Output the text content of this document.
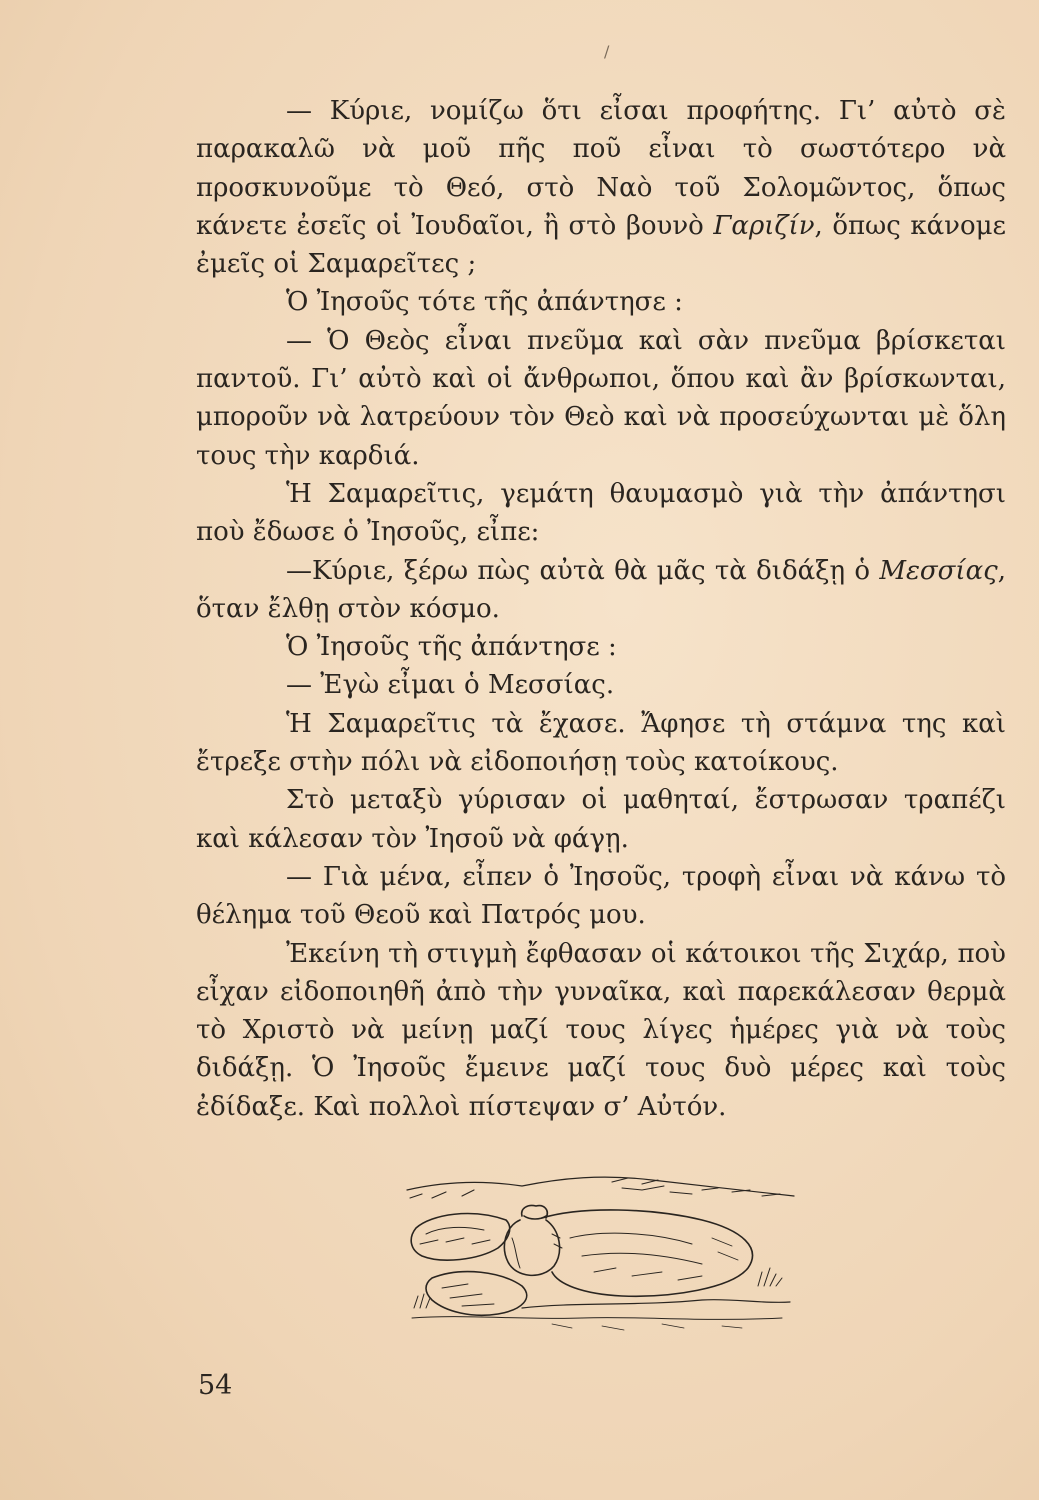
/

— Κύριε, νομίζω ὅτι εἶσαι προφήτης. Γι’ αὐτὸ σὲ παρακαλῶ νὰ μοῦ πῆς ποῦ εἶναι τὸ σωστότερο νὰ προσκυνοῦμε τὸ Θεό, στὸ Ναὸ τοῦ Σολομῶντος, ὅπως κάνετε ἐσεῖς οἱ Ἰουδαῖοι, ἢ στὸ βουνὸ Γαριζίν, ὅπως κάνομε ἐμεῖς οἱ Σαμαρεῖτες ;

Ὁ Ἰησοῦς τότε τῆς ἀπάντησε :

— Ὁ Θεὸς εἶναι πνεῦμα καὶ σὰν πνεῦμα βρίσκεται παντοῦ. Γι’ αὐτὸ καὶ οἱ ἄνθρωποι, ὅπου καὶ ἂν βρίσκωνται, μποροῦν νὰ λατρεύουν τὸν Θεὸ καὶ νὰ προσεύχωνται μὲ ὅλη τους τὴν καρδιά.

Ἡ Σαμαρεῖτις, γεμάτη θαυμασμὸ γιὰ τὴν ἀπάντησι ποὺ ἔδωσε ὁ Ἰησοῦς, εἶπε:

—Κύριε, ξέρω πὼς αὐτὰ θὰ μᾶς τὰ διδάξῃ ὁ Μεσσίας, ὅταν ἔλθῃ στὸν κόσμο.

Ὁ Ἰησοῦς τῆς ἀπάντησε :

— Ἐγὼ εἶμαι ὁ Μεσσίας.

Ἡ Σαμαρεῖτις τὰ ἔχασε. Ἄφησε τὴ στάμνα της καὶ ἔτρεξε στὴν πόλι νὰ εἰδοποιήσῃ τοὺς κατοίκους.

Στὸ μεταξὺ γύρισαν οἱ μαθηταί, ἔστρωσαν τραπέζι καὶ κάλεσαν τὸν Ἰησοῦ νὰ φάγῃ.

— Γιὰ μένα, εἶπεν ὁ Ἰησοῦς, τροφὴ εἶναι νὰ κάνω τὸ θέλημα τοῦ Θεοῦ καὶ Πατρός μου.

Ἐκείνη τὴ στιγμὴ ἔφθασαν οἱ κάτοικοι τῆς Σιχάρ, ποὺ εἶχαν εἰδοποιηθῆ ἀπὸ τὴν γυναῖκα, καὶ παρεκάλεσαν θερμὰ τὸ Χριστὸ νὰ μείνῃ μαζί τους λίγες ἡμέρες γιὰ νὰ τοὺς διδάξῃ. Ὁ Ἰησοῦς ἔμεινε μαζί τους δυὸ μέρες καὶ τοὺς ἐδίδαξε. Καὶ πολλοὶ πίστεψαν σ’ Αὐτόν.

54
